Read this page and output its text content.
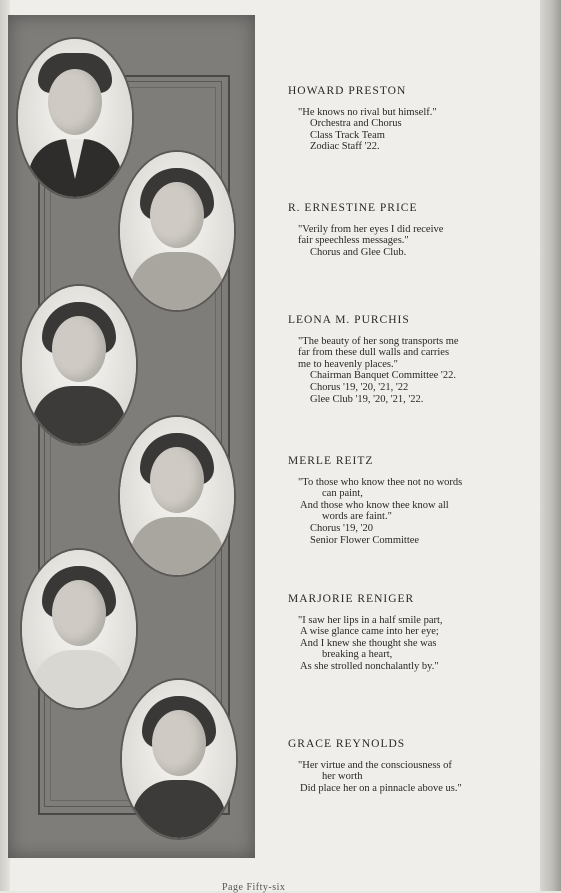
HOWARD PRESTON
"He knows no rival but himself."
Orchestra and Chorus
Class Track Team
Zodiac Staff '22.
R. ERNESTINE PRICE
"Verily from her eyes I did receive
fair speechless messages."
Chorus and Glee Club.
LEONA M. PURCHIS
"The beauty of her song transports me
far from these dull walls and carries
me to heavenly places."
Chairman Banquet Committee '22.
Chorus '19, '20, '21, '22
Glee Club '19, '20, '21, '22.
MERLE REITZ
"To those who know thee not no words
can paint,
And those who know thee know all
words are faint."
Chorus '19, '20
Senior Flower Committee
MARJORIE RENIGER
"I saw her lips in a half smile part,
A wise glance came into her eye;
And I knew she thought she was
breaking a heart,
As she strolled nonchalantly by."
GRACE REYNOLDS
"Her virtue and the consciousness of
her worth
Did place her on a pinnacle above us."
Page Fifty-six
